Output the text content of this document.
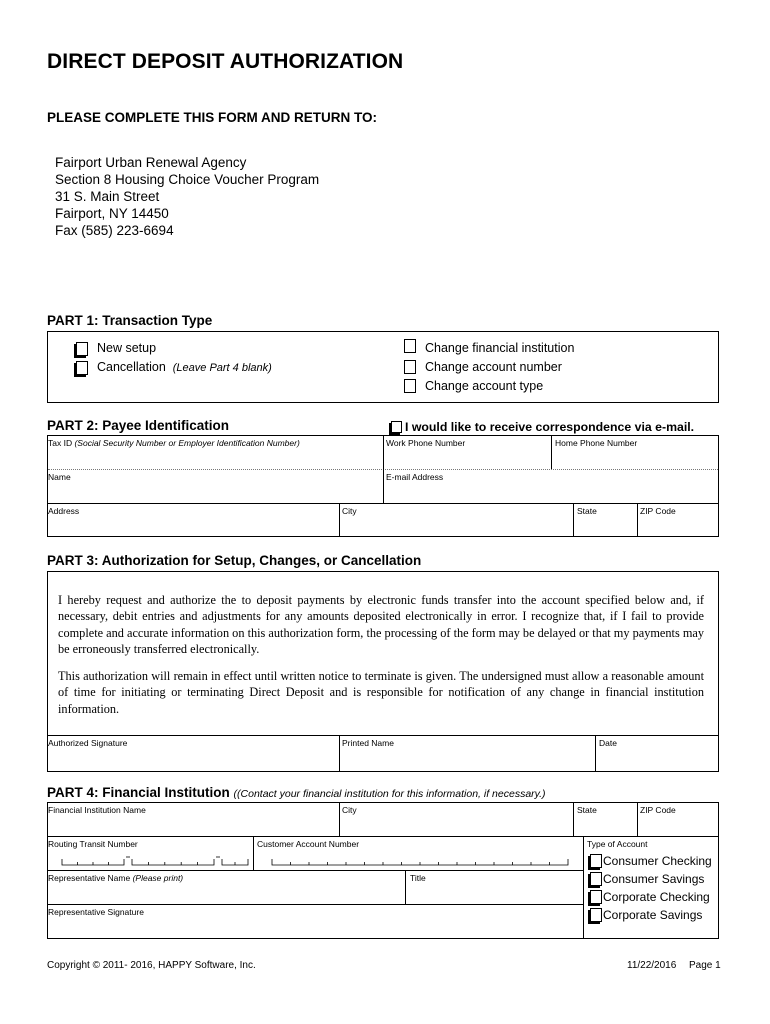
DIRECT DEPOSIT AUTHORIZATION
PLEASE COMPLETE THIS FORM AND RETURN TO:
Fairport Urban Renewal Agency
Section 8 Housing Choice Voucher Program
31 S. Main Street
Fairport, NY 14450
Fax (585) 223-6694
PART 1: Transaction Type
New setup
Cancellation (Leave Part 4 blank)
Change financial institution
Change account number
Change account type
PART 2: Payee Identification	I would like to receive correspondence via e-mail.
Tax ID (Social Security Number or Employer Identification Number)	Work Phone Number	Home Phone Number
Name	E-mail Address
Address	City	State	ZIP Code
PART 3: Authorization for Setup, Changes, or Cancellation
I hereby request and authorize the to deposit payments by electronic funds transfer into the account specified below and, if necessary, debit entries and adjustments for any amounts deposited electronically in error. I recognize that, if I fail to provide complete and accurate information on this authorization form, the processing of the form may be delayed or that my payments may be erroneously transferred electronically.
This authorization will remain in effect until written notice to terminate is given. The undersigned must allow a reasonable amount of time for initiating or terminating Direct Deposit and is responsible for notification of any change in financial institution information.
Authorized Signature	Printed Name	Date
PART 4: Financial Institution ((Contact your financial institution for this information, if necessary.)
Financial Institution Name	City	State	ZIP Code
Routing Transit Number	Customer Account Number	Type of Account
Representative Name (Please print)	Title
Representative Signature
Consumer Checking
Consumer Savings
Corporate Checking
Corporate Savings
Copyright © 2011- 2016, HAPPY Software, Inc.	11/22/2016 Page 1
